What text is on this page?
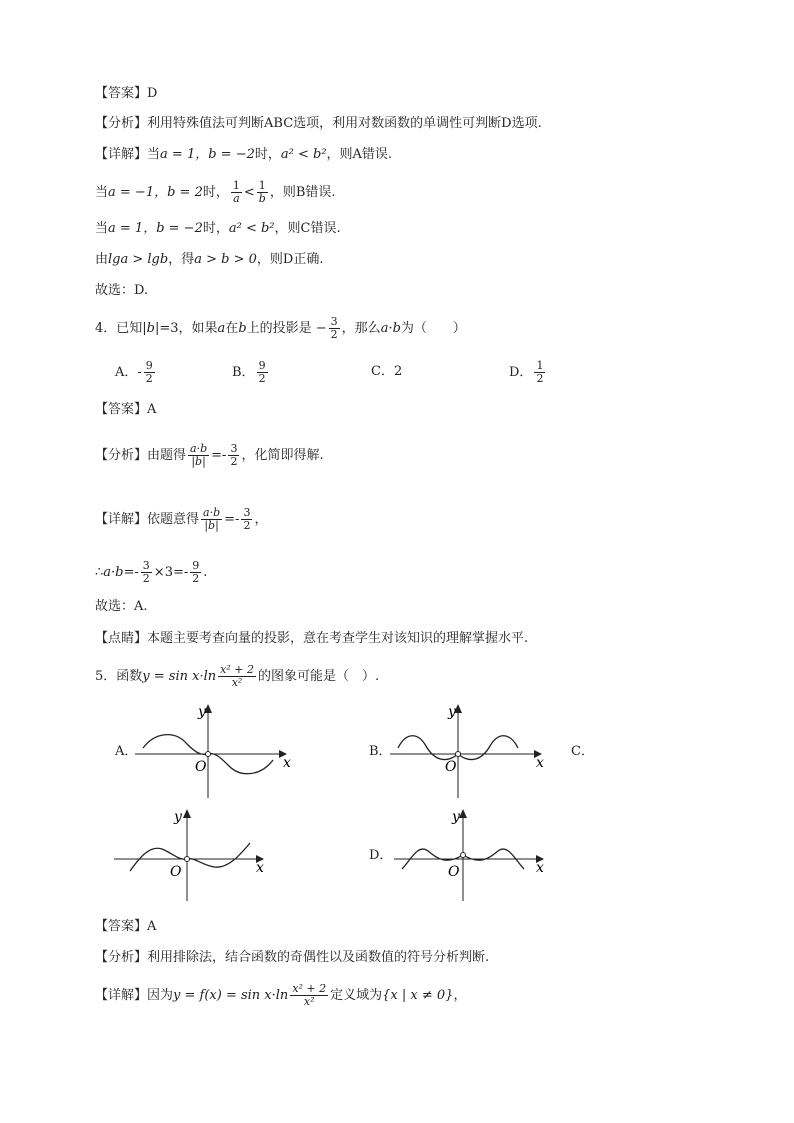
【答案】D
【分析】利用特殊值法可判断ABC选项，利用对数函数的单调性可判断D选项.
【详解】当a = 1，b = −2时，a² < b²，则A错误.
当a = −1，b = 2时， $\frac{1}{a} < \frac{1}{b}$ ，则B错误.
当a = 1，b = −2时，a² < b²，则C错误.
由lga > lgb，得a > b > 0，则D正确.
故选：D.
4．已知|b|=3，如果a在b上的投影是 − $\frac{3}{2}$ ，那么a·b为（　　）
A．- $\frac{9}{2}$	B． $\frac{9}{2}$	C．2	D． $\frac{1}{2}$
【答案】A
【分析】由题得 $\frac{a\cdot b}{|b|} =- \frac{3}{2}$ ，化简即得解.
【详解】依题意得 $\frac{a\cdot b}{|b|} =- \frac{3}{2}$ ，
∴a·b=- $\frac{3}{2} \times 3=- \frac{9}{2}$ .
故选：A.
【点睛】本题主要考查向量的投影，意在考查学生对该知识的理解掌握水平.
5．函数$y = \sin x\cdot\ln \frac{\text{x² + 2}}{\text{x²}}$ 的图象可能是（　）.
A．	B．	C．
D．
x
y
O	x
y
O
x
y
O	x
y
O
【答案】A
【分析】利用排除法，结合函数的奇偶性以及函数值的符号分析判断.
【详解】因为$y = f(x) = \sin x\cdot\ln \frac{\text{x² + 2}}{\text{x²}}$ 定义域为{x | x ≠ 0}，
